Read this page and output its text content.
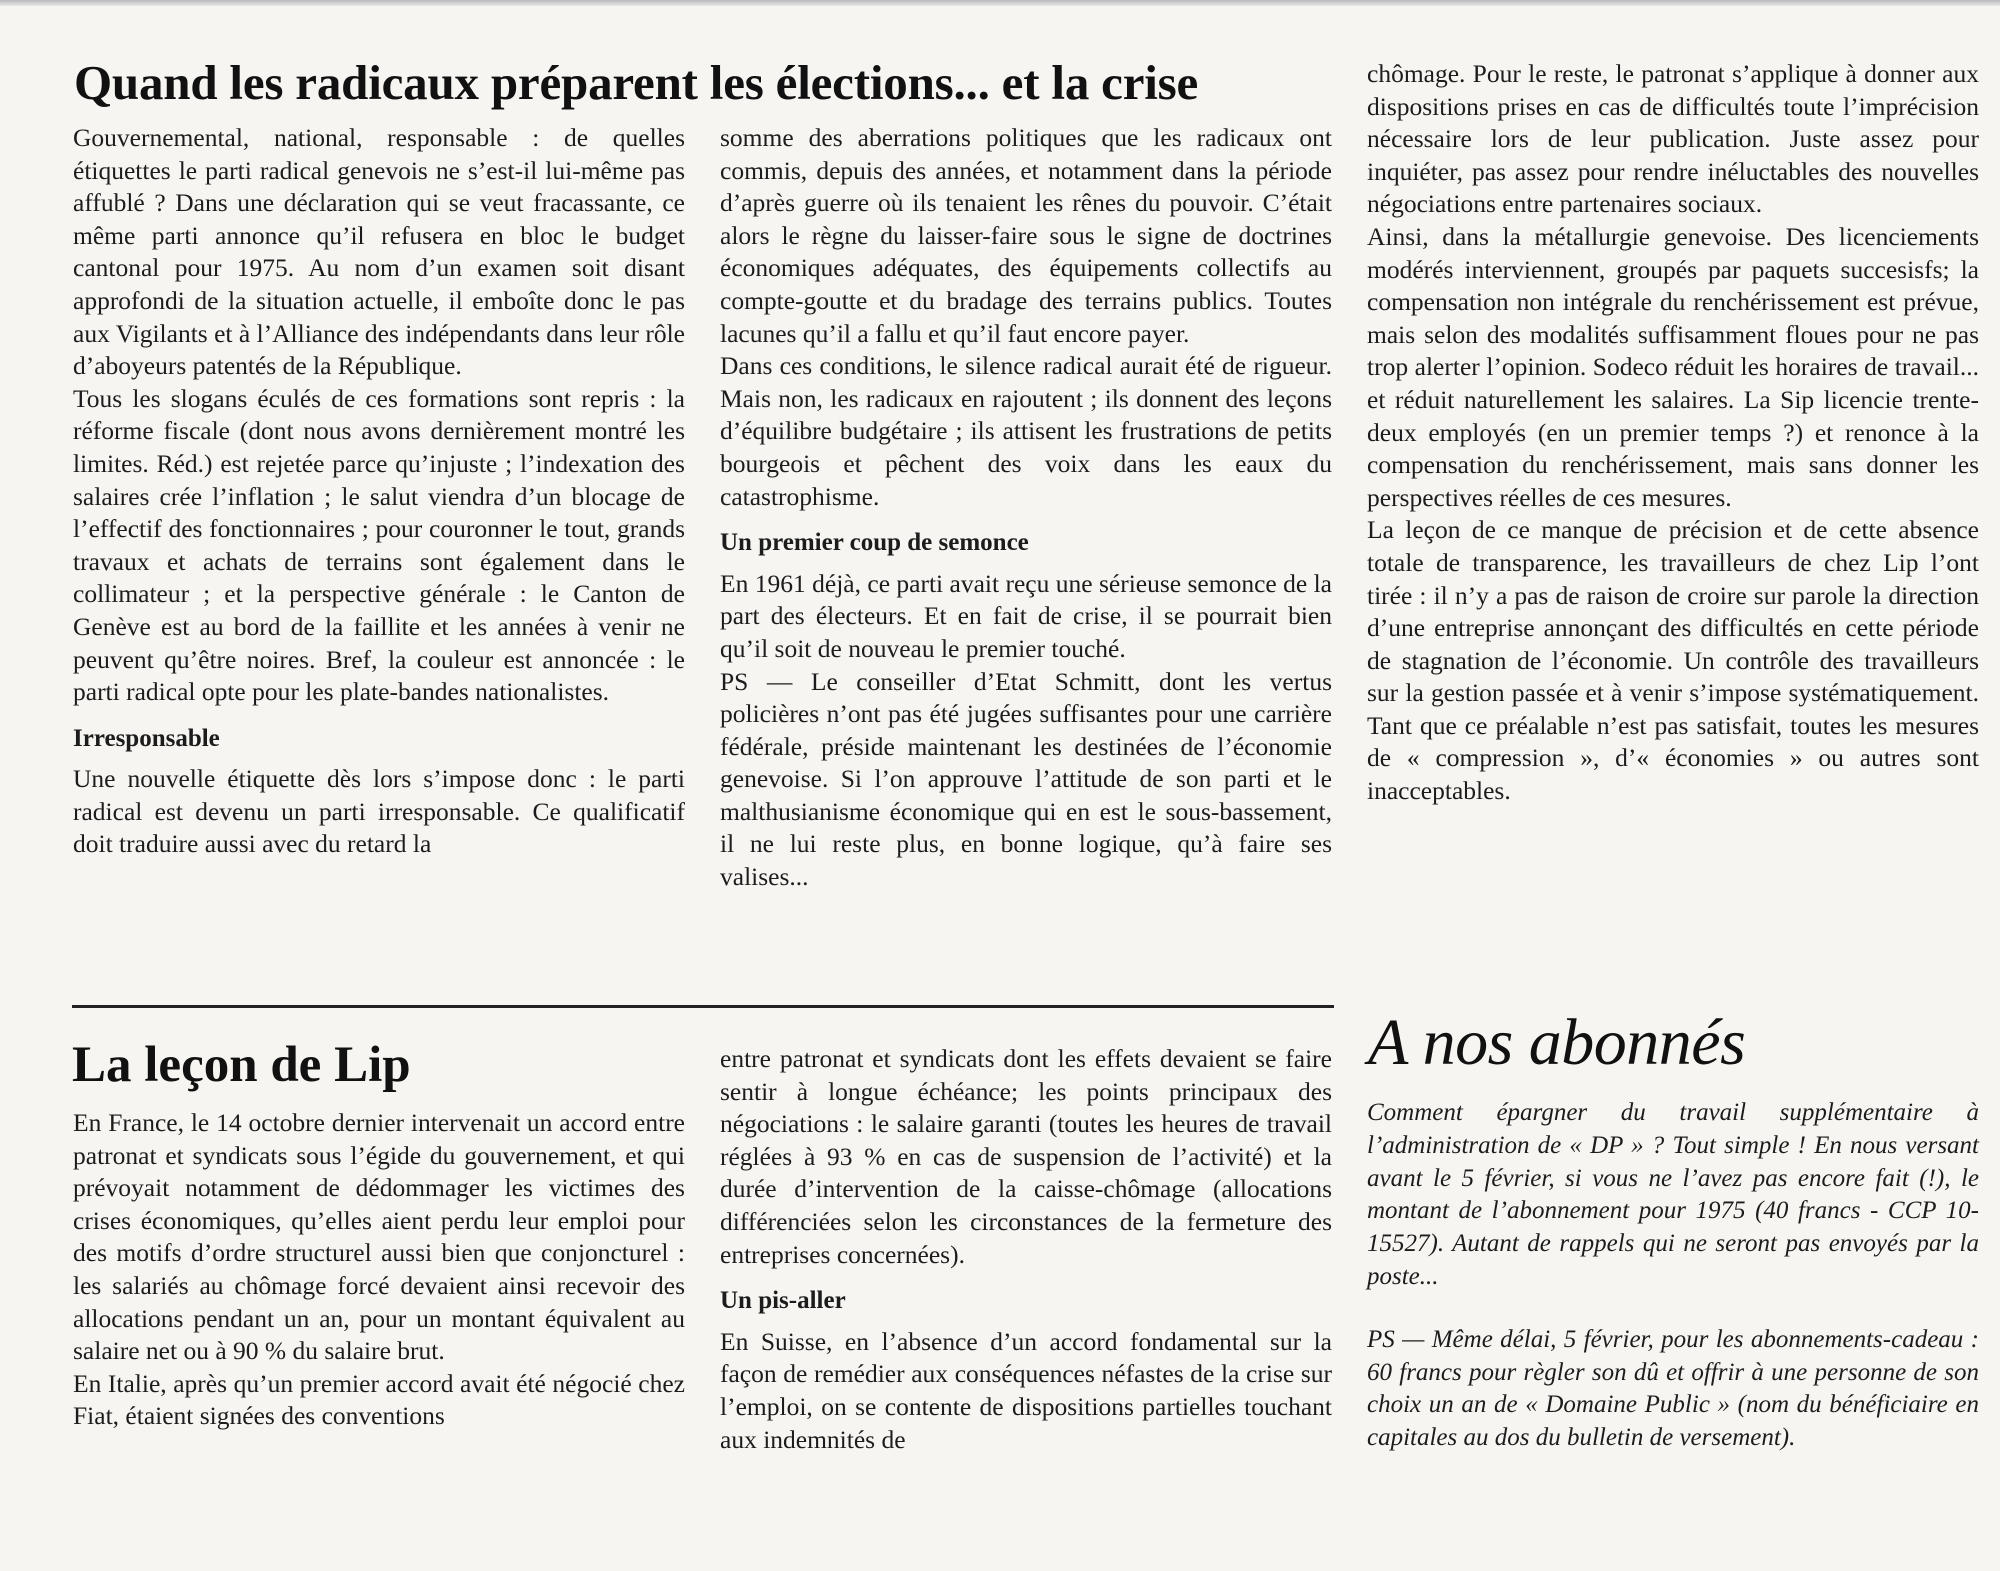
Quand les radicaux préparent les élections... et la crise

Gouvernemental, national, responsable : de quelles étiquettes le parti radical genevois ne s’est-il lui-même pas affublé ? Dans une déclaration qui se veut fracassante, ce même parti annonce qu’il refusera en bloc le budget cantonal pour 1975. Au nom d’un examen soit disant approfondi de la situation actuelle, il emboîte donc le pas aux Vigilants et à l’Alliance des indépendants dans leur rôle d’aboyeurs patentés de la République.

Tous les slogans éculés de ces formations sont repris : la réforme fiscale (dont nous avons dernièrement montré les limites. Réd.) est rejetée parce qu’injuste ; l’indexation des salaires crée l’inflation ; le salut viendra d’un blocage de l’effectif des fonctionnaires ; pour couronner le tout, grands travaux et achats de terrains sont également dans le collimateur ; et la perspective générale : le Canton de Genève est au bord de la faillite et les années à venir ne peuvent qu’être noires. Bref, la couleur est annoncée : le parti radical opte pour les plate-bandes nationalistes.

Irresponsable

Une nouvelle étiquette dès lors s’impose donc : le parti radical est devenu un parti irresponsable. Ce qualificatif doit traduire aussi avec du retard la

somme des aberrations politiques que les radicaux ont commis, depuis des années, et notamment dans la période d’après guerre où ils tenaient les rênes du pouvoir. C’était alors le règne du laisser-faire sous le signe de doctrines économiques adéquates, des équipements collectifs au compte-goutte et du bradage des terrains publics. Toutes lacunes qu’il a fallu et qu’il faut encore payer.

Dans ces conditions, le silence radical aurait été de rigueur. Mais non, les radicaux en rajoutent ; ils donnent des leçons d’équilibre budgétaire ; ils attisent les frustrations de petits bourgeois et pêchent des voix dans les eaux du catastrophisme.

Un premier coup de semonce

En 1961 déjà, ce parti avait reçu une sérieuse semonce de la part des électeurs. Et en fait de crise, il se pourrait bien qu’il soit de nouveau le premier touché.

PS — Le conseiller d’Etat Schmitt, dont les vertus policières n’ont pas été jugées suffisantes pour une carrière fédérale, préside maintenant les destinées de l’économie genevoise. Si l’on approuve l’attitude de son parti et le malthusianisme économique qui en est le sous-bassement, il ne lui reste plus, en bonne logique, qu’à faire ses valises...

chômage. Pour le reste, le patronat s’applique à donner aux dispositions prises en cas de difficultés toute l’imprécision nécessaire lors de leur publication. Juste assez pour inquiéter, pas assez pour rendre inéluctables des nouvelles négociations entre partenaires sociaux.

Ainsi, dans la métallurgie genevoise. Des licenciements modérés interviennent, groupés par paquets succesisfs; la compensation non intégrale du renchérissement est prévue, mais selon des modalités suffisamment floues pour ne pas trop alerter l’opinion. Sodeco réduit les horaires de travail... et réduit naturellement les salaires. La Sip licencie trente-deux employés (en un premier temps ?) et renonce à la compensation du renchérissement, mais sans donner les perspectives réelles de ces mesures.

La leçon de ce manque de précision et de cette absence totale de transparence, les travailleurs de chez Lip l’ont tirée : il n’y a pas de raison de croire sur parole la direction d’une entreprise annonçant des difficultés en cette période de stagnation de l’économie. Un contrôle des travailleurs sur la gestion passée et à venir s’impose systématiquement. Tant que ce préalable n’est pas satisfait, toutes les mesures de « compression », d’« économies » ou autres sont inacceptables.

La leçon de Lip

En France, le 14 octobre dernier intervenait un accord entre patronat et syndicats sous l’égide du gouvernement, et qui prévoyait notamment de dédommager les victimes des crises économiques, qu’elles aient perdu leur emploi pour des motifs d’ordre structurel aussi bien que conjoncturel : les salariés au chômage forcé devaient ainsi recevoir des allocations pendant un an, pour un montant équivalent au salaire net ou à 90 % du salaire brut.

En Italie, après qu’un premier accord avait été négocié chez Fiat, étaient signées des conventions

entre patronat et syndicats dont les effets devaient se faire sentir à longue échéance; les points principaux des négociations : le salaire garanti (toutes les heures de travail réglées à 93 % en cas de suspension de l’activité) et la durée d’intervention de la caisse-chômage (allocations différenciées selon les circonstances de la fermeture des entreprises concernées).

Un pis-aller

En Suisse, en l’absence d’un accord fondamental sur la façon de remédier aux conséquences néfastes de la crise sur l’emploi, on se contente de dispositions partielles touchant aux indemnités de

A nos abonnés

Comment épargner du travail supplémentaire à l’administration de « DP » ? Tout simple ! En nous versant avant le 5 février, si vous ne l’avez pas encore fait (!), le montant de l’abonnement pour 1975 (40 francs - CCP 10-15527). Autant de rappels qui ne seront pas envoyés par la poste...

PS — Même délai, 5 février, pour les abonnements-cadeau : 60 francs pour règler son dû et offrir à une personne de son choix un an de « Domaine Public » (nom du bénéficiaire en capitales au dos du bulletin de versement).
